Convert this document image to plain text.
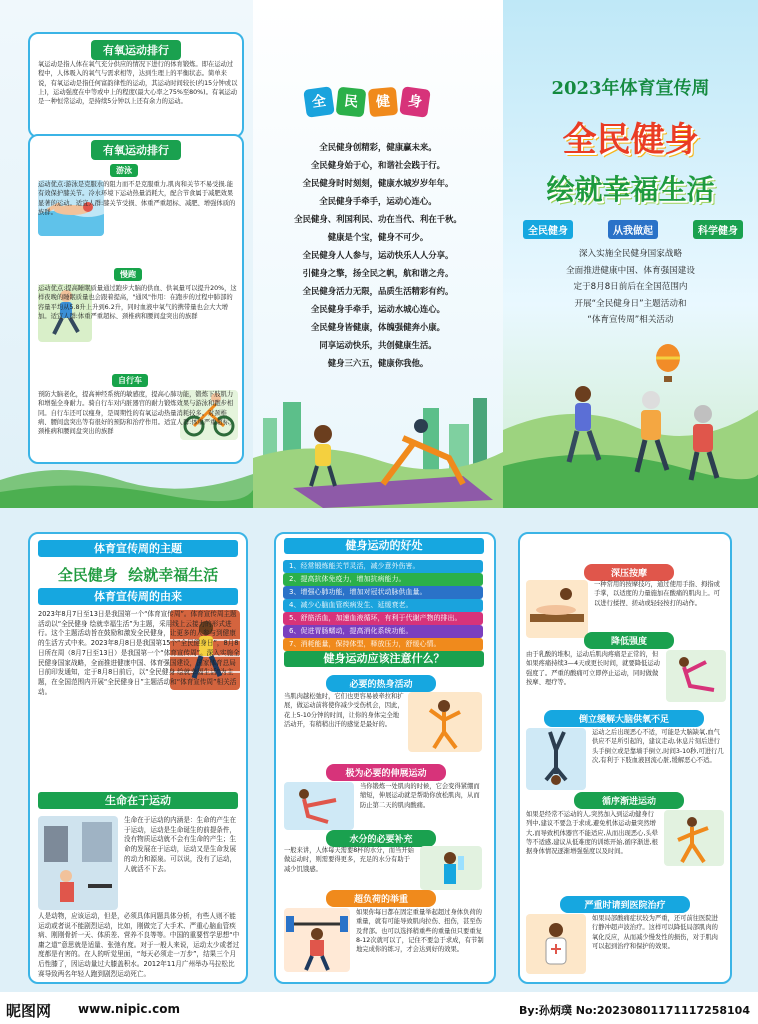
有氧运动排行
氧运动是指人体在氧气充分供应的情况下进行的体育锻炼。即在运动过程中，人体吸入的氧气与需求相等，达到生理上的平衡状态。简单来说，有氧运动是指任何富韵律性的运动，其运动时间较长(约15分钟或以上)，运动强度在中等或中上的程度(最大心率之75%至80%)。有氧运动是一种恒常运动，是持续5分钟以上还有余力的运动。
有氧运动排行
游泳
运动优点:游泳是克服水的阻力而不是克服重力,肌肉和关节不易受损.能有效保护膝关节。冷水环境下运动热量消耗大，配合节食属于减肥效果显著的运动。适宜人群:膝关节受损、体重严重超标、减肥、增强体质的族群。
慢跑
运动优点:提高睡眠质量通过跑步大脑的供血、供氧量可以提升20%，这样夜晚的睡眠质量也会跟着提高，"通风"作用：在跑步的过程中肺部的容量平均从5.8升上升到6.2升，同时血液中氧气的携带量也会大大增加。适宜人群:体重严重超标、颈椎病和腰间盘突出的族群
自行车
预防大脑老化，提高神经系统的敏感度，提高心肺功能，锻炼下肢肌力和增强全身耐力。骑自行车对内脏器官的耐力锻炼效果与游泳和跑步相同。自行车还可以瘦身，是周期性的有氧运动热量消耗较多。对颈椎病、腰间盘突出等有很好的预防和治疗作用。适宜人群:体重严重超标，颈椎病和腰间盘突出的族群
全	民	健	身
全民健身创精彩，健康赢未来。
全民健身始于心，和谐社会践于行。
全民健身时时刻刻，健康水城岁岁年年。
全民健身手牵手，运动心连心。
全民健身、利国利民、功在当代、利在千秋。
健康是个宝，健身不可少。
全民健身人人参与，运动快乐人人分享。
引健身之擎，扬全民之帆，航和谐之舟。
全民健身活力无限，品质生活精彩有约。
全民健身手牵手，运动水城心连心。
全民健身皆健康，体魄强健奔小康。
同享运动快乐，共创健康生活。
健身三六五，健康你我他。
2023年体育宣传周
全民健身
绘就幸福生活
全民健身	从我做起	科学健身
深入实施全民健身国家战略
全面推进健康中国、体育强国建设
定于8月8日前后在全国范围内
开展“全民健身日”主题活动和
“体育宣传周”相关活动
体育宣传周的主题
全民健身  绘就幸福生活
体育宣传周的由来
2023年8月7日至13日是我国第一个“体育宣传周”。体育宣传周主题活动以“全民健身 绘就幸福生活”为主题，采用线上云接力的形式进行。这个主题活动旨在鼓励和激发全民健身，让更多的人参与到健康的生活方式中来。2023年8月8日是我国第15个“全民健身日”，8月8日所在周（8月7日至13日）是我国第一个“体育宣传周”。深入实施全民健身国家战略，全面推进健康中国、体育强国建设，国家体育总局日前印发通知，定于8月8日前后，以“全民健身 绘就幸福生活”为主题，在全国范围内开展“全民健身日”主题活动和“体育宣传周”相关活动。
生命在于运动
生命在于运动的内涵是：生命的产生在于运动，运动是生命诞生的前提条件，没有物质运动就不会有生命的产生；生命的发展在于运动，运动又是生命发展的动力和源泉。可以说，没有了运动，人就活不下去。
人是动物，应该运动，但是，必须具体问题具体分析，有些人则不能运动或者说不能剧烈运动，比如，刚做完了大手术、严重心脑血管疾病、刚刚骨折一天、体质差、营养不良等等。中国的重要哲学思想“中庸之道”意思就是适量、张弛有度。对于一般人来说，运动太少或者过度都是有害的。在人的听觉里面，“每天必须走一万步”，结果三个月后性膝了，因运动量过大膝盖积水。2012年11月广州举办马拉松比赛导致两名年轻人跑到剧烈运动死亡。
健身运动的好处
1、经常锻炼能关节灵活，减少意外伤害。
2、提高抗体免疫力，增加抗病能力。
3、增强心肺功能，增加对冠状动脉供血量。
4、减少心脑血管疾病发生、延缓衰老。
5、舒筋活血，加速血液循环，有利于代谢产物的排出。
6、促进胃肠蠕动，提高消化系统功能。
7、消耗能量，保持体型，释放压力，舒缓心情。
健身运动应该注意什么？
必要的热身活动
当肌肉越松弛时，它们也更容易被牵拉和扩展，做运动前将使你减少受伤机会，因此，花上5-10分钟的时间，让你的身体完全地活动开，有稍稍出汗的感觉是最好的。
极为必要的伸展运动
当你锻炼一处肌肉的时候，它会变得紧绷而缩短，伸展运动就是帮助你放松肌肉，从而防止第二天的肌肉酸痛。
水分的必要补充
一般来讲，人体每天需要8杯的水分，而当开始做运动时，则需要得更多，充足的水分有助于减少饥饿感。
超负荷的举重
如果你每日都在固定重量举起超过身体负荷的重量，就有可能导致肌肉拉伤、扭伤，甚至伤及背部。也可以选择稍重些的重量但只要重复8-12次就可以了，记住不要急于求成，有节制地完成你的练习，才会达到好的效果。
深压按摩
一种常用的按摩技巧，通过使用手指、拇指或手掌，以适度的力量施加在酸痛的肌肉上。可以进行揉捏、搓动或轻轻按打的动作。
降低强度
由于乳酸的堆积，运动后肌肉疼痛是正常的，但如果疼痛持续3—4天或更长时间，就要降低运动强度了。严重的酸痛可立即停止运动，同时做做按摩、理疗等。
倒立缓解大脑供氧不足
运动之后出现恶心不适，可能是大脑缺氧,血气供应不足所引起的，建议走动,休息片刻后进行头手倒立或是靠墙手倒立,时间3-10秒,可进行几次,有利于下肢血液回流心脏,缓解恶心不适。
循序渐进运动
如果是经常不运动的人,突然加入到运动健身行列中,建议不要急于求成,避免机体运动量突然增大,而导致机体器官不能适应,从而出现恶心,头晕等不适感,建议从低难度的训练开始,循序渐进,根据身体情况逐渐增强强度以及时间。
严重时请到医院治疗
如果局部酸痛症状较为严重，还可前往医院进行静冲超声波治疗。这样可以降低局部肌肉的氧化反应，从而减少慢发性的损伤，对于肌肉可以起到治疗和保护的效果。
昵图网 www.nipic.com	By:孙炳璞 No:20230801171117258104
